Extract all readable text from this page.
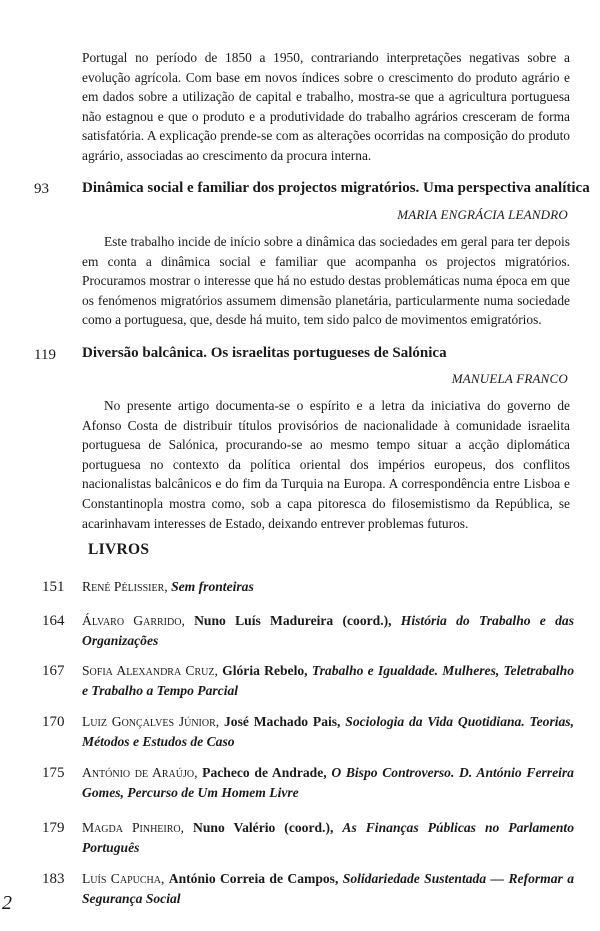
Portugal no período de 1850 a 1950, contrariando interpretações negativas sobre a evolução agrícola. Com base em novos índices sobre o crescimento do produto agrário e em dados sobre a utilização de capital e trabalho, mostra-se que a agricultura portuguesa não estagnou e que o produto e a produtividade do trabalho agrários cresceram de forma satisfatória. A explicação prende-se com as alterações ocorridas na composição do produto agrário, associadas ao crescimento da procura interna.

93 Dinâmica social e familiar dos projectos migratórios. Uma perspectiva analítica
MARIA ENGRÁCIA LEANDRO

Este trabalho incide de início sobre a dinâmica das sociedades em geral para ter depois em conta a dinâmica social e familiar que acompanha os projectos migratórios. Procuramos mostrar o interesse que há no estudo destas problemáticas numa época em que os fenómenos migratórios assumem dimensão planetária, particularmente numa sociedade como a portuguesa, que, desde há muito, tem sido palco de movimentos emigratórios.

119 Diversão balcânica. Os israelitas portugueses de Salónica
MANUELA FRANCO

No presente artigo documenta-se o espírito e a letra da iniciativa do governo de Afonso Costa de distribuir títulos provisórios de nacionalidade à comunidade israelita portuguesa de Salónica, procurando-se ao mesmo tempo situar a acção diplomática portuguesa no contexto da política oriental dos impérios europeus, dos conflitos nacionalistas balcânicos e do fim da Turquia na Europa. A correspondência entre Lisboa e Constantinopla mostra como, sob a capa pitoresca do filosemistismo da República, se acarinhavam interesses de Estado, deixando entrever problemas futuros.

LIVROS
151 René Pélissier, Sem fronteiras

164 Álvaro Garrido, Nuno Luís Madureira (coord.), História do Trabalho e das Organizações

167 Sofia Alexandra Cruz, Glória Rebelo, Trabalho e Igualdade. Mulheres, Teletrabalho e Trabalho a Tempo Parcial

170 Luiz Gonçalves Júnior, José Machado Pais, Sociologia da Vida Quotidiana. Teorias, Métodos e Estudos de Caso

175 António de Araújo, Pacheco de Andrade, O Bispo Controverso. D. António Ferreira Gomes, Percurso de Um Homem Livre

179 Magda Pinheiro, Nuno Valério (coord.), As Finanças Públicas no Parlamento Português

183 Luís Capucha, António Correia de Campos, Solidariedade Sustentada — Reformar a Segurança Social

2
